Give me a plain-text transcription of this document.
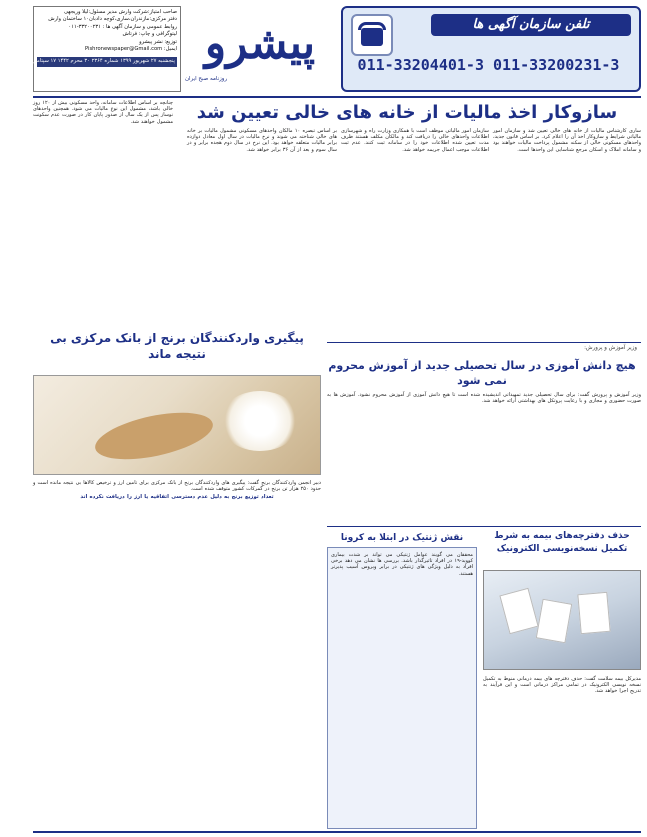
صاحب امتیاز:شرکت وارش مدیر مسئول:لیلا وریجهی
دفتر مرکزی:مازندران،ساری،کوچه دادبان۱۰ ساختمان وارش
روابط عمومی و سازمان آگهی ها : ۳۳۲۰۰۲۳۱-۰۱۱
لیتوگرافی و چاپ: فرتاش
توزیع: نشر پیشرو
ایمیل: Pishronewspaper@Gmail.com
پنجشنبه ۲۷ شهریور ۱۳۹۹ شماره ۲۳۶۴ ۳۰ محرم ۱۴۴۲ ۱۷ سپتامبر ۲۰۲۰ ۸ صفحه پیشرو
روزنامه صبح ایران
تلفن سازمان آگهی ها
011-33204401-3 011-33200231-3
سازوکار اخذ مالیات از خانه های خالی تعیین شد

ساری کارشناس مالیات از خانه های خالی تعیین شد و سازمان امور مالیاتی شرایط و سازوکار اخذ آن را اعلام کرد. بر اساس قانون جدید، واحدهای مسکونی خالی از سکنه مشمول پرداخت مالیات خواهند بود و سامانه املاک و اسکان مرجع شناسایی این واحدها است.

سازمان امور مالیاتی موظف است با همکاری وزارت راه و شهرسازی اطلاعات واحدهای خالی را دریافت کند و مالکان مکلف هستند ظرف مدت تعیین شده اطلاعات خود را در سامانه ثبت کنند. عدم ثبت اطلاعات موجب اعمال جریمه خواهد شد.

بر اساس تبصره ۱۰ مالکان واحدهای مسکونی مشمول مالیات بر خانه های خالی شناخته می شوند و نرخ مالیات در سال اول معادل دوازده برابر مالیات متعلقه خواهد بود. این نرخ در سال دوم هجده برابر و در سال سوم و بعد از آن ۳۶ برابر خواهد شد.

چنانچه بر اساس اطلاعات سامانه، واحد مسکونی بیش از ۱۲۰ روز خالی باشد، مشمول این نوع مالیات می شود. همچنین واحدهای نوساز پس از یک سال از صدور پایان کار در صورت عدم سکونت مشمول خواهند شد.

پیگیری واردکنندگان برنج از بانک مرکزی بی نتیجه ماند

دبیر انجمن واردکنندگان برنج گفت: پیگیری های واردکنندگان برنج از بانک مرکزی برای تامین ارز و ترخیص کالاها بی نتیجه مانده است و حدود ۲۵۰ هزار تن برنج در گمرکات کشور متوقف شده است.

تعداد توزیع برنج به دلیل عدم دسترسی اتفاقیه یا ارز را دریافت نکرده اند

وزیر آموزش و پرورش:
هیچ دانش آموزی در سال تحصیلی جدید از آموزش محروم نمی شود

وزیر آموزش و پرورش گفت: برای سال تحصیلی جدید تمهیداتی اندیشیده شده است تا هیچ دانش آموزی از آموزش محروم نشود. آموزش ها به صورت حضوری و مجازی و با رعایت پروتکل های بهداشتی ارائه خواهد شد.

نقش ژنتیک در ابتلا به کرونا

محققان می گویند عوامل ژنتیکی می تواند بر شدت بیماری کووید-۱۹ در افراد تاثیرگذار باشد. بررسی ها نشان می دهد برخی افراد به دلیل ویژگی های ژنتیکی در برابر ویروس آسیب پذیرتر هستند.

حذف دفترچه‌های بیمه به شرط تکمیل نسخه‌نویسی الکترونیک

مدیرکل بیمه سلامت گفت: حذف دفترچه های بیمه درمانی منوط به تکمیل نسخه نویسی الکترونیک در تمامی مراکز درمانی است و این فرآیند به تدریج اجرا خواهد شد.
